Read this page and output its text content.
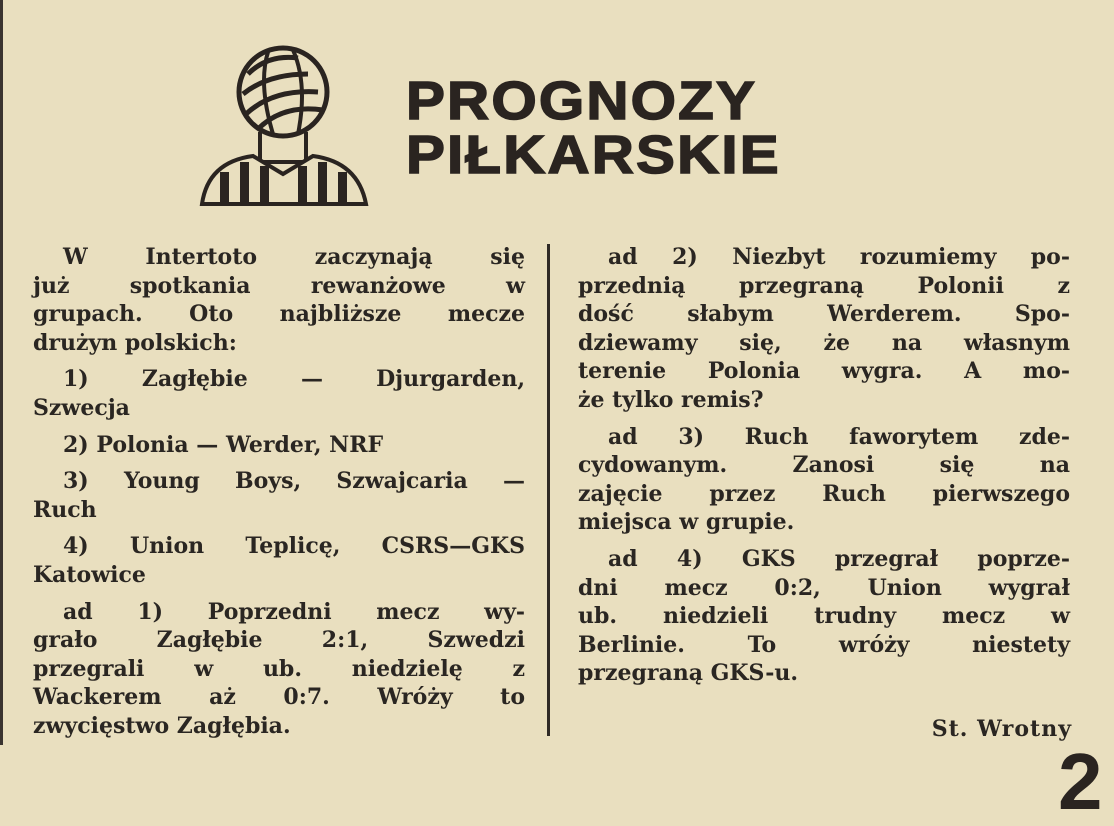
PROGNOZY
PIŁKARSKIE
W Intertoto zaczynają się
już spotkania rewanżowe w
grupach. Oto najbliższe mecze
drużyn polskich:
1) Zagłębie — Djurgarden,
Szwecja
2) Polonia — Werder, NRF
3) Young Boys, Szwajcaria —
Ruch
4) Union Teplicę, CSRS—GKS
Katowice
ad 1) Poprzedni mecz wy-
grało Zagłębie 2:1, Szwedzi
przegrali w ub. niedzielę z
Wackerem aż 0:7. Wróży to
zwycięstwo Zagłębia.
ad 2) Niezbyt rozumiemy po-
przednią przegraną Polonii z
dość słabym Werderem. Spo-
dziewamy się, że na własnym
terenie Polonia wygra. A mo-
że tylko remis?
ad 3) Ruch faworytem zde-
cydowanym. Zanosi się na
zajęcie przez Ruch pierwszego
miejsca w grupie.
ad 4) GKS przegrał poprze-
dni mecz 0:2, Union wygrał
ub. niedzieli trudny mecz w
Berlinie. To wróży niestety
przegraną GKS-u.
St. Wrotny
2
